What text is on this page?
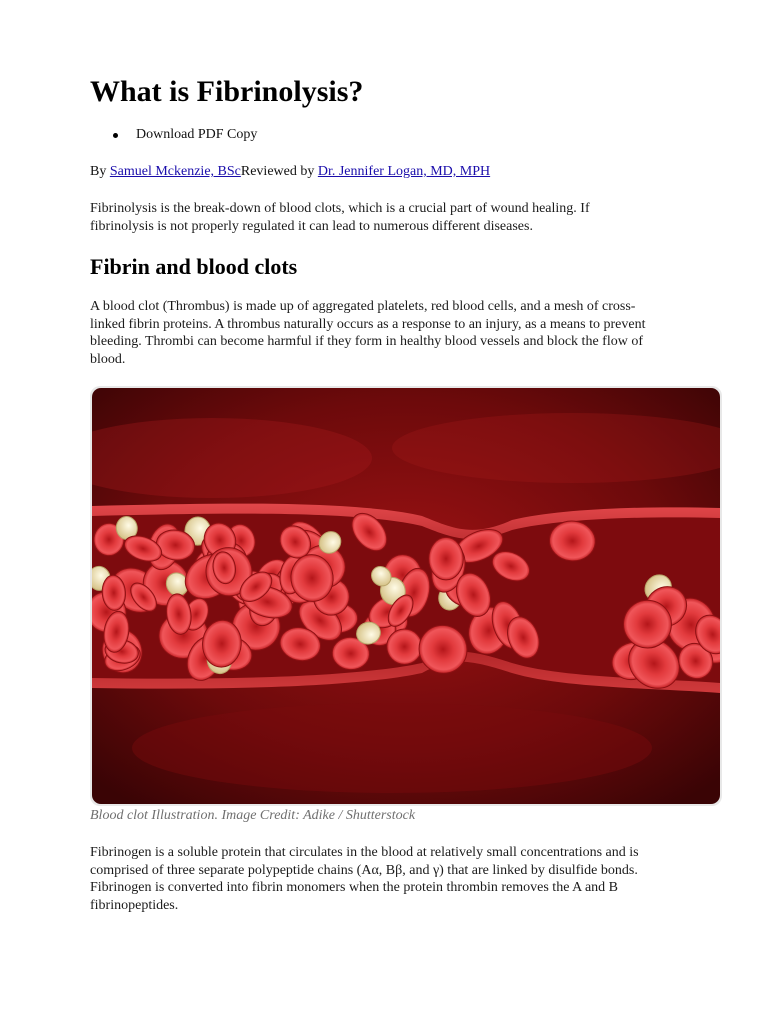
What is Fibrinolysis?
Download PDF Copy
By Samuel Mckenzie, BScReviewed by Dr. Jennifer Logan, MD, MPH

Fibrinolysis is the break-down of blood clots, which is a crucial part of wound healing. If
fibrinolysis is not properly regulated it can lead to numerous different diseases.

Fibrin and blood clots

A blood clot (Thrombus) is made up of aggregated platelets, red blood cells, and a mesh of cross-
linked fibrin proteins. A thrombus naturally occurs as a response to an injury, as a means to prevent
bleeding. Thrombi can become harmful if they form in healthy blood vessels and block the flow of
blood.

Blood clot Illustration. Image Credit: Adike / Shutterstock

Fibrinogen is a soluble protein that circulates in the blood at relatively small concentrations and is
comprised of three separate polypeptide chains (Aα, Bβ, and γ) that are linked by disulfide bonds.
Fibrinogen is converted into fibrin monomers when the protein thrombin removes the A and B
fibrinopeptides.
